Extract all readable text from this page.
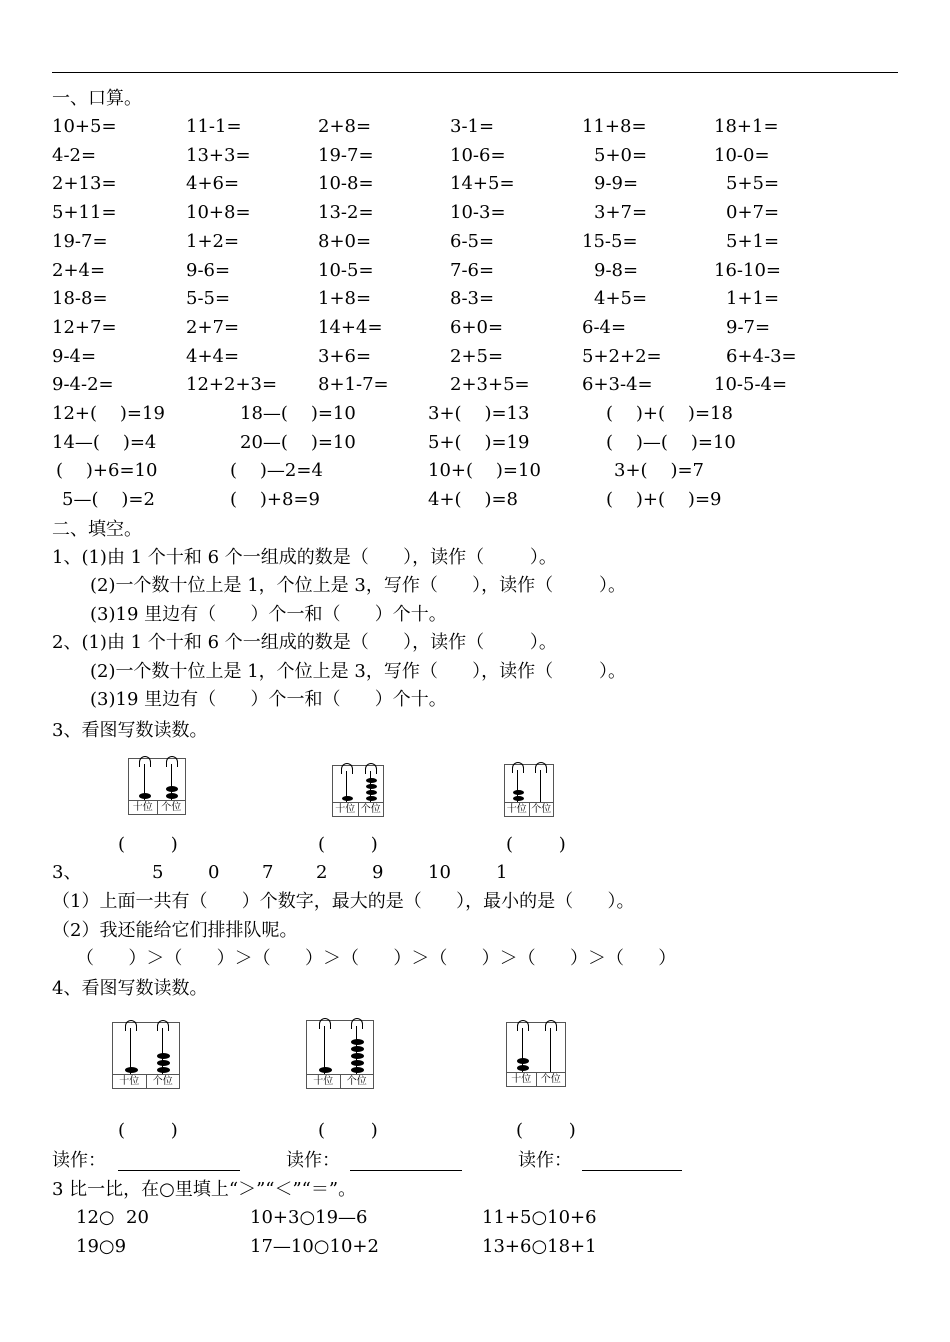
一、口算。
10+5=	11-1=	2+8=	3-1=	11+8=	18+1=
4-2=	13+3=	19-7=	10-6=	5+0=	10-0=
2+13=	4+6=	10-8=	14+5=	9-9=	5+5=
5+11=	10+8=	13-2=	10-3=	3+7=	0+7=
19-7=	1+2=	8+0=	6-5=	15-5=	5+1=
2+4=	9-6=	10-5=	7-6=	9-8=	16-10=
18-8=	5-5=	1+8=	8-3=	4+5=	1+1=
12+7=	2+7=	14+4=	6+0=	6-4=	9-7=
9-4=	4+4=	3+6=	2+5=	5+2+2=	6+4-3=
9-4-2=	12+2+3= 8+1-7=	2+3+5=	6+3-4=	10-5-4=
12+(    )=19	18—(    )=10	3+(    )=13	(    )+(    )=18
14—(    )=4	20—(    )=10	5+(    )=19	(    )—(    )=10
(    )+6=10	(    )—2=4	10+(    )=10	3+(    )=7
5—(    )=2	(    )+8=9	4+(    )=8	(    )+(    )=9
二、填空。
1、(1)由 1 个十和 6 个一组成的数是（      ），读作（        ）。
(2)一个数十位上是 1，个位上是 3，写作（      ），读作（        ）。
(3)19 里边有（      ）个一和（      ）个十。
2、(1)由 1 个十和 6 个一组成的数是（      ），读作（        ）。
(2)一个数十位上是 1，个位上是 3，写作（      ），读作（        ）。
(3)19 里边有（      ）个一和（      ）个十。
3、看图写数读数。
十位 个位	十位 个位	十位 个位
十位	个位	十位	个位	十位 个位
(        )	(        )	(        )
3、	5 0 7 2 9 10	1
（1）上面一共有（      ）个数字，最大的是（      ），最小的是（      ）。
（2）我还能给它们排排队呢。
（      ）＞（      ）＞（      ）＞（      ）＞（      ）＞（      ）＞（      ）
4、看图写数读数。
(        )	(        )	(        )
读作：	读作：	读作：
3 比一比，在○里填上“＞”“＜”“＝”。
12○  20	10+3○19—6	11+5○10+6
19○9	17—10○10+2	13+6○18+1
